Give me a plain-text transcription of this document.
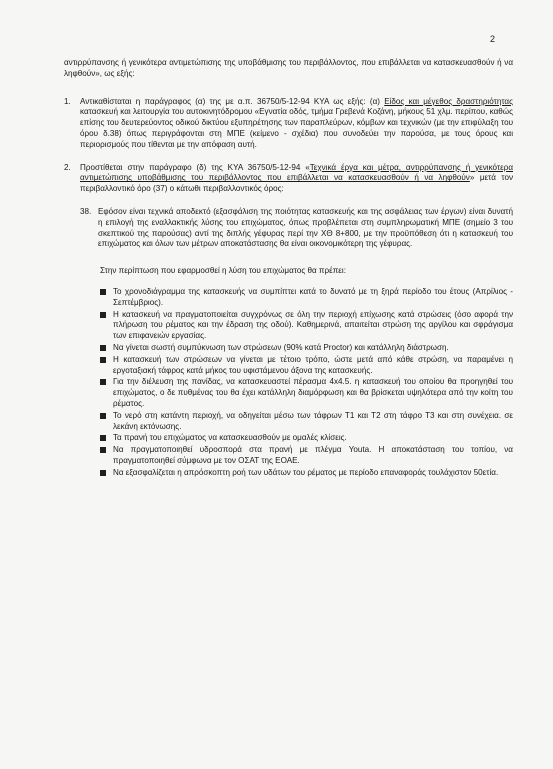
2

αντιρρύπανσης ή γενικότερα αντιμετώπισης της υποβάθμισης του περιβάλλοντος, που επιβάλλεται να κατασκευασθούν ή να ληφθούν», ως εξής:

1.	Αντικαθίσταται η παράγραφος (α) της με α.π. 36750/5-12-94 ΚΥΑ ως εξής: (α) Είδος και μέγεθος δραστηριότητας κατασκευή και λειτουργία του αυτοκινητόδρομου «Εγνατία οδός, τμήμα Γρεβενά Κοζάνη, μήκους 51 χλμ. περίπου, καθώς επίσης του δευτερεύοντος οδικού δικτύου εξυπηρέτησης των παραπλεύρων, κόμβων και τεχνικών (με την επιφύλαξη του όρου δ.38) όπως περιγράφονται στη ΜΠΕ (κείμενο - σχέδια) που συνοδεύει την παρούσα, με τους όρους και περιορισμούς που τίθενται με την απόφαση αυτή.

2.	Προστίθεται στην παράγραφο (δ) της ΚΥΑ 36750/5-12-94 «Τεχνικά έργα και μέτρα, αντιρρύπανσης ή γενικότερα αντιμετώπισης υποβάθμισης του περιβάλλοντος που επιβάλλεται να κατασκευασθούν ή να ληφθούν» μετά τον περιβαλλοντικό όρο (37) ο κάτωθι περιβαλλοντικός όρος:

38. Εφόσον είναι τεχνικά αποδεκτό (εξασφάλιση της ποιότητας κατασκευής και της ασφάλειας των έργων) είναι δυνατή η επιλογή της εναλλακτικής λύσης του επιχώματος, όπως προβλέπεται στη συμπληρωματική ΜΠΕ (σημείο 3 του σκεπτικού της παρούσας) αντί της διπλής γέφυρας περί την ΧΘ 8+800, με την προϋπόθεση ότι η κατασκευή του επιχώματος και όλων των μέτρων αποκατάστασης θα είναι οικονομικότερη της γέφυρας.

Στην περίπτωση που εφαρμοσθεί η λύση του επιχώματος θα πρέπει:

Το χρονοδιάγραμμα της κατασκευής να συμπίπτει κατά το δυνατό με τη ξηρά περίοδο του έτους (Απρίλιος - Σεπτέμβριος).
Η κατασκευή να πραγματοποιείται συγχρόνως σε όλη την περιοχή επίχωσης κατά στρώσεις (όσο αφορά την πλήρωση του ρέματος και την έδραση της οδού). Καθημερινά, απαιτείται στρώση της αργίλου και σφράγισμα των επιφανειών εργασίας.
Να γίνεται σωστή συμπύκνωση των στρώσεων (90% κατά Proctor) και κατάλληλη διάστρωση.
Η κατασκευή των στρώσεων να γίνεται με τέτοιο τρόπο, ώστε μετά από κάθε στρώση, να παραμένει η εργοταξιακή τάφρος κατά μήκος του υφιστάμενου άξονα της κατασκευής.
Για την διέλευση της πανίδας, να κατασκευαστεί πέρασμα 4x4.5. η κατασκευή του οποίου θα προηγηθεί του επιχώματος, ο δε πυθμένας του θα έχει κατάλληλη διαμόρφωση και θα βρίσκεται υψηλότερα από την κοίτη του ρέματος.
Το νερό στη κατάντη περιοχή, να οδηγείται μέσω των τάφρων Τ1 και Τ2 στη τάφρο Τ3 και στη συνέχεια. σε λεκάνη εκτόνωσης.
Τα πρανή του επιχώματος να κατασκευασθούν με ομαλές κλίσεις.
Να πραγματοποιηθεί υδροσπορά στα πρανή με πλέγμα Youta. Η αποκατάσταση του τοπίου, να πραγματοποιηθεί σύμφωνα με τον ΟΣΑΤ της ΕΟΑΕ.
Να εξασφαλίζεται η απρόσκοπτη ροή των υδάτων του ρέματος με περίοδο επαναφοράς τουλάχιστον 50ετία.
